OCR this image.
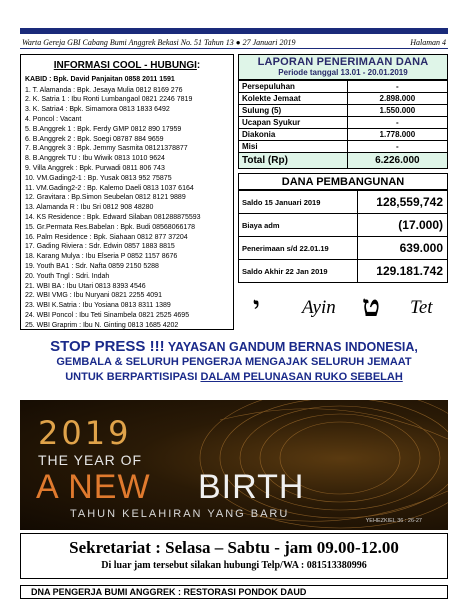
Warta Gereja GBI Cabang Bumi Anggrek Bekasi No. 51 Tahun 13 ● 27 Januari 2019	Halaman 4
INFORMASI COOL - HUBUNGI:
KABID : Bpk. David Panjaitan 0858 2011 1591
1. T. Alamanda : Bpk. Jesaya Mulia 0812 8169 276
2. K. Satria 1 : Ibu Ronti Lumbangaol 0821 2246 7819
3. K. Satria4 : Bpk. Simamora 0813 1833 6492
4. Poncol : Vacant
5. B.Anggrek 1 : Bpk. Ferdy GMP 0812 890 17959
6. B.Anggrek 2 : Bpk. Soegi 08787 884 9659
7. B.Anggrek 3 : Bpk. Jemmy Sasmita 08121378877
8. B.Anggrek TU : Ibu Wiwik 0813 1010 9624
9. Villa Anggrek : Bpk. Purwadi 0811 806 743
10. VM.Gading2-1 : Bp. Yusak 0813 952 75875
11. VM.Gading2-2 : Bp. Kalemo Daeli 0813 1037 6164
12. Gravitara : Bp.Simon Seubelan 0812 8121 9889
13. Alamanda R : Ibu Sri 0812 908 48280
14. KS Residence : Bpk. Edward Silaban 081288875593
15. Gr.Permata Res.Babelan : Bpk. Budi 08568066178
16. Palm Residence : Bpk. Siahaan 0812 877 37204
17. Gading Riviera : Sdr. Edwin 0857 1883 8815
18. Karang Mulya : Ibu Elseria P 0852 1157 8676
19. Youth BA1 : Sdr. Nafta 0859 2150 5288
20. Youth Tngl : Sdri. Indah
21. WBI BA : Ibu Utari 0813 8393 4546
22. WBI VMG : Ibu Nuryani 0821 2255 4091
23. WBI K.Satria : Ibu Yosiana 0813 8311 1389
24. WBI Poncol : Ibu Teti Sinambela 0821 2525 4695
25. WBI Graprim : Ibu N. Ginting 0813 1685 4202
LAPORAN PENERIMAAN DANA
Periode tanggal 13.01 - 20.01.2019
Persepuluhan	-
Kolekte Jemaat	2.898.000
Sulung (5)	1.550.000
Ucapan Syukur	-
Diakonia	1.778.000
Misi	-
Total (Rp)	6.226.000
DANA PEMBANGUNAN
Saldo 15 Januari 2019	128,559,742
Biaya adm	(17.000)
Penerimaan s/d 22.01.19	639.000
Saldo Akhir 22 Jan 2019	129.181.742
י Ayin ט Tet
STOP PRESS !!! YAYASAN GANDUM BERNAS INDONESIA,
GEMBALA & SELURUH PENGERJA MENGAJAK SELURUH JEMAAT
UNTUK BERPARTISIPASI DALAM PELUNASAN RUKO SEBELAH
2019
THE YEAR OF
A NEW BIRTH
TAHUN KELAHIRAN YANG BARU
YEHEZKIEL 36 : 26-27
Sekretariat : Selasa – Sabtu - jam 09.00-12.00
Di luar jam tersebut silakan hubungi Telp/WA : 081513380996
DNA PENGERJA BUMI ANGGREK : RESTORASI PONDOK DAUD
